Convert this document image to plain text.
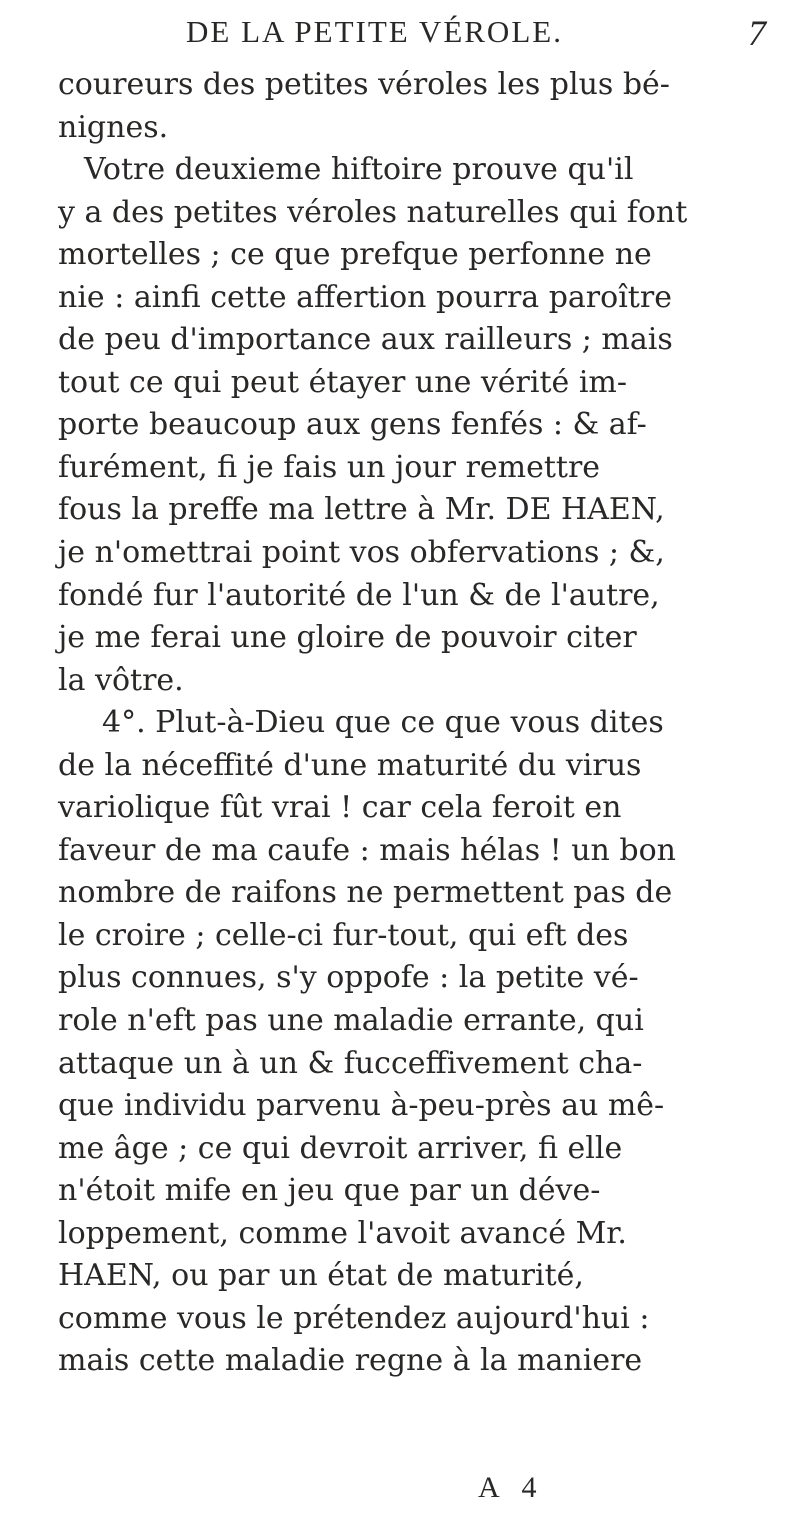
DE LA PETITE VÉROLE.	7
coureurs des petites véroles les plus bé-
nignes.
Votre deuxieme hiftoire prouve qu'il
y a des petites véroles naturelles qui font
mortelles ; ce que prefque perfonne ne
nie : ainfi cette affertion pourra paroître
de peu d'importance aux railleurs ; mais
tout ce qui peut étayer une vérité im-
porte beaucoup aux gens fenfés : & af-
furément, fi je fais un jour remettre
fous la preffe ma lettre à Mr. DE HAEN,
je n'omettrai point vos obfervations ; &,
fondé fur l'autorité de l'un & de l'autre,
je me ferai une gloire de pouvoir citer
la vôtre.
4°. Plut-à-Dieu que ce que vous dites
de la néceffité d'une maturité du virus
variolique fût vrai ! car cela feroit en
faveur de ma caufe : mais hélas ! un bon
nombre de raifons ne permettent pas de
le croire ; celle-ci fur-tout, qui eft des
plus connues, s'y oppofe : la petite vé-
role n'eft pas une maladie errante, qui
attaque un à un & fucceffivement cha-
que individu parvenu à-peu-près au mê-
me âge ; ce qui devroit arriver, fi elle
n'étoit mife en jeu que par un déve-
loppement, comme l'avoit avancé Mr.
HAEN, ou par un état de maturité,
comme vous le prétendez aujourd'hui :
mais cette maladie regne à la maniere
A 4
